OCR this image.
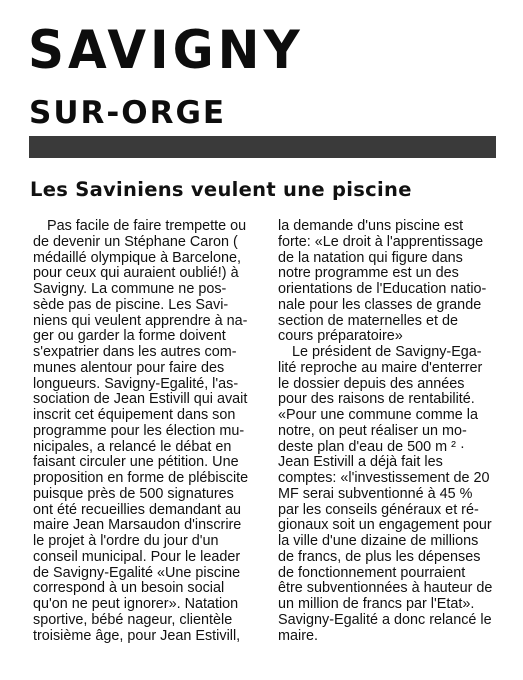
SAVIGNY
SUR-ORGE
Les Saviniens veulent une piscine

Pas facile de faire trempette ou

de devenir un Stéphane Caron (

médaillé olympique à Barcelone,

pour ceux qui auraient oublié!) à

Savigny. La commune ne pos-

sède pas de piscine. Les Savi-

niens qui veulent apprendre à na-

ger ou garder la forme doivent

s'expatrier dans les autres com-

munes alentour pour faire des

longueurs. Savigny-Egalité, l'as-

sociation de Jean Estivill qui avait

inscrit cet équipement dans son

programme pour les élection mu-

nicipales, a relancé le débat en

faisant circuler une pétition. Une

proposition en forme de plébiscite

puisque près de 500 signatures

ont été recueillies demandant au

maire Jean Marsaudon d'inscrire

le projet à l'ordre du jour d'un

conseil municipal. Pour le leader

de Savigny-Egalité «Une piscine

correspond à un besoin social

qu'on ne peut ignorer». Natation

sportive, bébé nageur, clientèle

troisième âge, pour Jean Estivill,

la demande d'uns piscine est

forte: «Le droit à l'apprentissage

de la natation qui figure dans

notre programme est un des

orientations de l'Education natio-

nale pour les classes de grande

section de maternelles et de

cours préparatoire»

Le président de Savigny-Ega-

lité reproche au maire d'enterrer

le dossier depuis des années

pour des raisons de rentabilité.

«Pour une commune comme la

notre, on peut réaliser un mo-

deste plan d'eau de 500 m ² ·

Jean Estivill a déjà fait les

comptes: «l'investissement de 20

MF serai subventionné à 45 %

par les conseils généraux et ré-

gionaux soit un engagement pour

la ville d'une dizaine de millions

de francs, de plus les dépenses

de fonctionnement pourraient

être subventionnées à hauteur de

un million de francs par l'Etat».

Savigny-Egalité a donc relancé le

maire.
